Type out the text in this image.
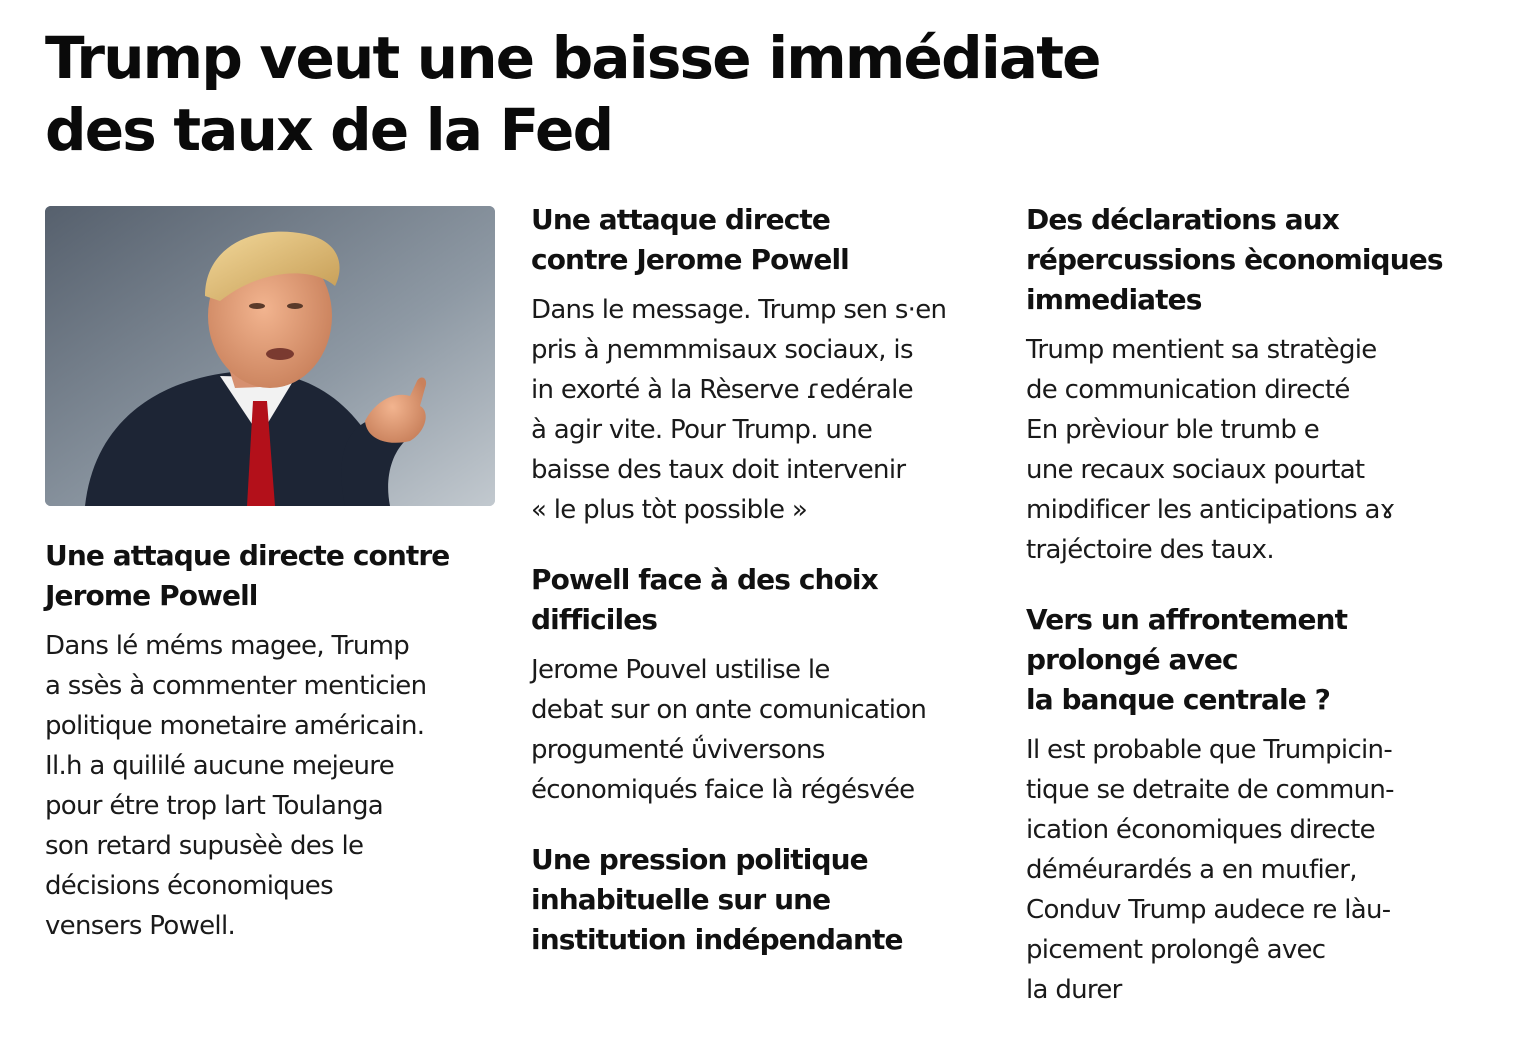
Trump veut une baisse immédiate
des taux de la Fed
Une attaque directe contre
Jerome Powell

Dans lé méms magee, Trump
a ssès à commenter menticien
politique monetaire américain.
Il.h a quililé aucune mejeure
pour étre trop lart Toulanga
son retard supusèè des le
décisions économiques
vensers Powell.

Une attaque directe
contre Jerome Powell

Dans le message. Trump sen s·en
pris à ɲemmmisaux sociaux, is
in exorté à la Rèserve ɾedérale
à agir vite. Pour Trump. une
baisse des taux doit intervenir
« le plus tòt possible »

Powell face à des choix
difficiles

Jerome Pouvel ustilise le
debat sur on ɑnte comunication
progumenté ǘviversons
économiqués faice là régésvée

Une pression politique
inhabituelle sur une
institution indépendante
Des déclarations aux
répercussions èconomiques
immediates

Trump mentient sa stratègie
de communication directé
En prèviour ble trumb e
une recaux sociaux pourtat
miɒdificer les anticipations aɤ
trajéctoire des taux.

Vers un affrontement
prolongé avec
la banque centrale ?

Il est probable que Trumpicin-
tique se detraite de commun-
ication économiques directe
déméurardés a en muɩfier,
Conduv Trump audece re làu-
picement prolongê avec
la durer
